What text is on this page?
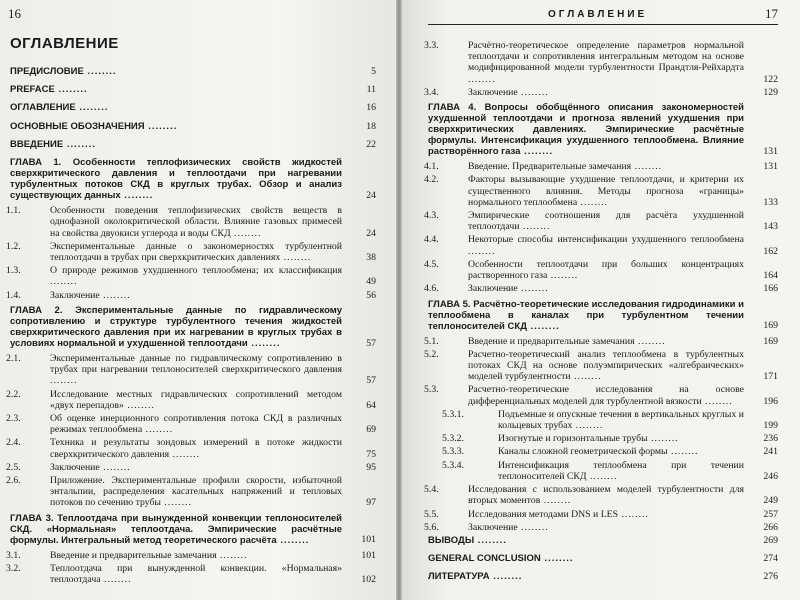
16
ОГЛАВЛЕНИЕ
ПРЕДИСЛОВИЕ ........	5
PREFACE ........	11
ОГЛАВЛЕНИЕ ........	16
ОСНОВНЫЕ ОБОЗНАЧЕНИЯ ........	18
ВВЕДЕНИЕ ........	22
ГЛАВА 1. Особенности теплофизических свойств жидкостей сверхкритического давления и теплоотдачи при нагревании турбулентных потоков СКД в круглых трубах. Обзор и анализ существующих данных ........	24
1.1.	Особенности поведения теплофизических свойств веществ в однофазной околокритической области. Влияние газовых примесей на свойства двуокиси углерода и воды СКД ........	24
1.2.	Экспериментальные данные о закономерностях турбулентной теплоотдачи в трубах при сверхкритических давлениях ........	38
1.3.	О природе режимов ухудшенного теплообмена; их классификация ........	49
1.4.	Заключение ........	56
ГЛАВА 2. Экспериментальные данные по гидравлическому сопротивлению и структуре турбулентного течения жидкостей сверхкритического давления при их нагревании в круглых трубах в условиях нормальной и ухудшенной теплоотдачи ........	57
2.1.	Экспериментальные данные по гидравлическому сопротивлению в трубах при нагревании теплоносителей сверхкритического давления ........	57
2.2.	Исследование местных гидравлических сопротивлений методом «двух перепадов» ........	64
2.3.	Об оценке инерционного сопротивления потока СКД в различных режимах теплообмена ........	69
2.4.	Техника и результаты зондовых измерений в потоке жидкости сверхкритического давления ........	75
2.5.	Заключение ........	95
2.6.	Приложение. Экспериментальные профили скорости, избыточной энтальпии, распределения касательных напряжений и тепловых потоков по сечению трубы ........	97
ГЛАВА 3. Теплоотдача при вынужденной конвекции теплоносителей СКД. «Нормальная» теплоотдача. Эмпирические расчётные формулы. Интегральный метод теоретического расчёта ........	101
3.1.	Введение и предварительные замечания ........	101
3.2.	Теплоотдача при вынужденной конвекции. «Нормальная» теплоотдача ........	102
ОГЛАВЛЕНИЕ	17
3.3.	Расчётно-теоретическое определение параметров нормальной теплоотдачи и сопротивления интегральным методом на основе модифицированной модели турбулентности Прандтля-Рейхардта ........	122
3.4.	Заключение ........	129
ГЛАВА 4. Вопросы обобщённого описания закономерностей ухудшенной теплоотдачи и прогноза явлений ухудшения при сверхкритических давлениях. Эмпирические расчётные формулы. Интенсификация ухудшенного теплообмена. Влияние растворённого газа ........	131
4.1.	Введение. Предварительные замечания ........	131
4.2.	Факторы вызывающие ухудшение теплоотдачи, и критерии их существенного влияния. Методы прогноза «границы» нормального теплообмена ........	133
4.3.	Эмпирические соотношения для расчёта ухудшенной теплоотдачи ........	143
4.4.	Некоторые способы интенсификации ухудшенного теплообмена ........	162
4.5.	Особенности теплоотдачи при больших концентрациях растворенного газа ........	164
4.6.	Заключение ........	166
ГЛАВА 5. Расчётно-теоретические исследования гидродинамики и теплообмена в каналах при турбулентном течении теплоносителей СКД ........	169
5.1.	Введение и предварительные замечания ........	169
5.2.	Расчетно-теоретический анализ теплообмена в турбулентных потоках СКД на основе полуэмпирических «алгебраических» моделей турбулентности ........	171
5.3.	Расчетно-теоретические исследования на основе дифференциальных моделей для турбулентной вязкости ........	196
5.3.1.	Подъемные и опускные течения в вертикальных круглых и кольцевых трубах ........	199
5.3.2.	Изогнутые и горизонтальные трубы ........	236
5.3.3.	Каналы сложной геометрической формы ........	241
5.3.4.	Интенсификация теплообмена при течении теплоносителей СКД ........	246
5.4.	Исследования с использованием моделей турбулентности для вторых моментов ........	249
5.5.	Исследования методами DNS и LES ........	257
5.6.	Заключение ........	266
ВЫВОДЫ ........	269
GENERAL CONCLUSION ........	274
ЛИТЕРАТУРА ........	276
